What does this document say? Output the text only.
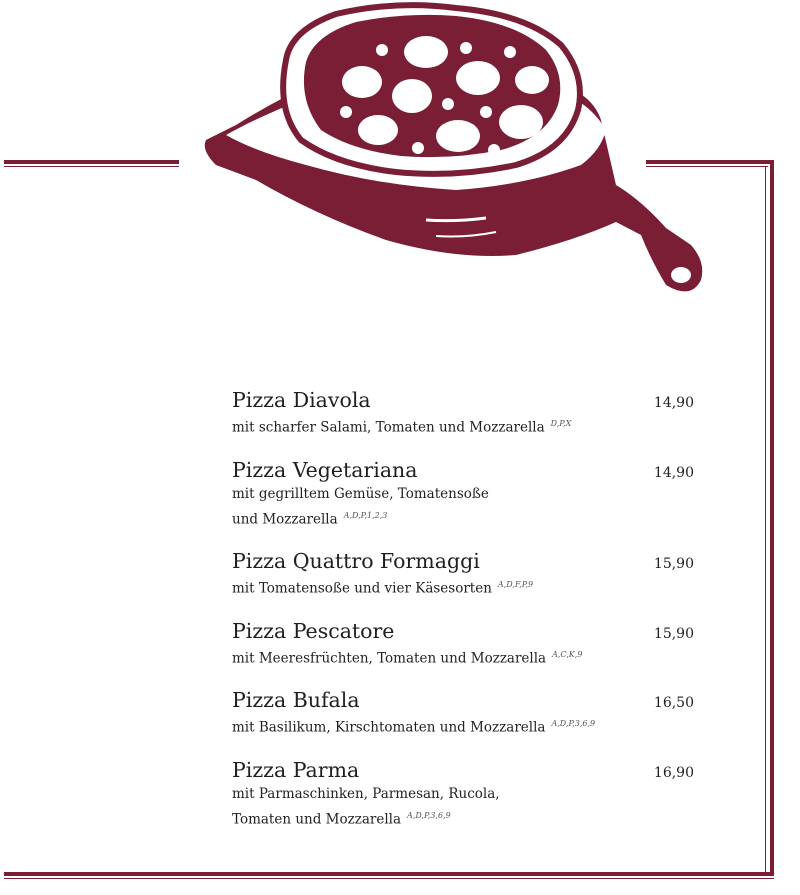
Pizza Diavola
mit scharfer Salami, Tomaten und Mozzarella $^{D,P,X}$
14,90
Pizza Vegetariana
mit gegrilltem Gemüse, Tomatensoße
und Mozzarella $^{A,D,P,1,2,3}$
14,90
Pizza Quattro Formaggi
mit Tomatensoße und vier Käsesorten $^{A,D,F,P,9}$
15,90
Pizza Pescatore
mit Meeresfrüchten, Tomaten und Mozzarella $^{A,C,K,9}$
15,90
Pizza Bufala
mit Basilikum, Kirschtomaten und Mozzarella $^{A,D,P,3,6,9}$
16,50
Pizza Parma
mit Parmaschinken, Parmesan, Rucola,
Tomaten und Mozzarella $^{A,D,P,3,6,9}$
16,90
